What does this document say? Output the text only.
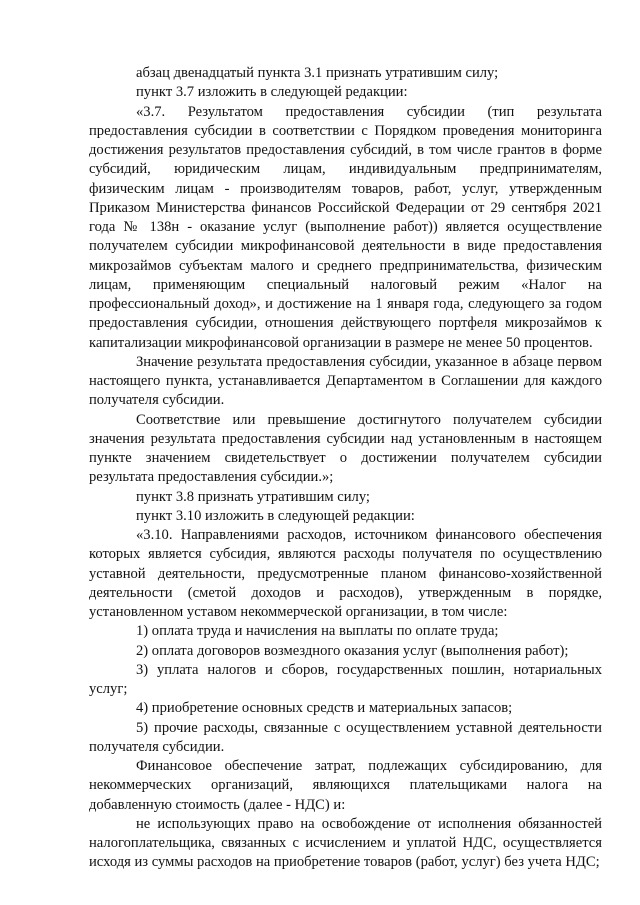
абзац двенадцатый пункта 3.1 признать утратившим силу;

пункт 3.7 изложить в следующей редакции:

«3.7. Результатом предоставления субсидии (тип результата предоставления субсидии в соответствии с Порядком проведения мониторинга достижения результатов предоставления субсидий, в том числе грантов в форме субсидий, юридическим лицам, индивидуальным предпринимателям, физическим лицам - производителям товаров, работ, услуг, утвержденным Приказом Министерства финансов Российской Федерации от 29 сентября 2021 года № 138н - оказание услуг (выполнение работ)) является осуществление получателем субсидии микрофинансовой деятельности в виде предоставления микрозаймов субъектам малого и среднего предпринимательства, физическим лицам, применяющим специальный налоговый режим «Налог на профессиональный доход», и достижение на 1 января года, следующего за годом предоставления субсидии, отношения действующего портфеля микрозаймов к капитализации микрофинансовой организации в размере не менее 50 процентов.

Значение результата предоставления субсидии, указанное в абзаце первом настоящего пункта, устанавливается Департаментом в Соглашении для каждого получателя субсидии.

Соответствие или превышение достигнутого получателем субсидии значения результата предоставления субсидии над установленным в настоящем пункте значением свидетельствует о достижении получателем субсидии результата предоставления субсидии.»;

пункт 3.8 признать утратившим силу;

пункт 3.10 изложить в следующей редакции:

«3.10. Направлениями расходов, источником финансового обеспечения которых является субсидия, являются расходы получателя по осуществлению уставной деятельности, предусмотренные планом финансово-хозяйственной деятельности (сметой доходов и расходов), утвержденным в порядке, установленном уставом некоммерческой организации, в том числе:

1) оплата труда и начисления на выплаты по оплате труда;

2) оплата договоров возмездного оказания услуг (выполнения работ);

3) уплата налогов и сборов, государственных пошлин, нотариальных услуг;

4) приобретение основных средств и материальных запасов;

5) прочие расходы, связанные с осуществлением уставной деятельности получателя субсидии.

Финансовое обеспечение затрат, подлежащих субсидированию, для некоммерческих организаций, являющихся плательщиками налога на добавленную стоимость (далее - НДС) и:

не использующих право на освобождение от исполнения обязанностей налогоплательщика, связанных с исчислением и уплатой НДС, осуществляется исходя из суммы расходов на приобретение товаров (работ, услуг) без учета НДС;
